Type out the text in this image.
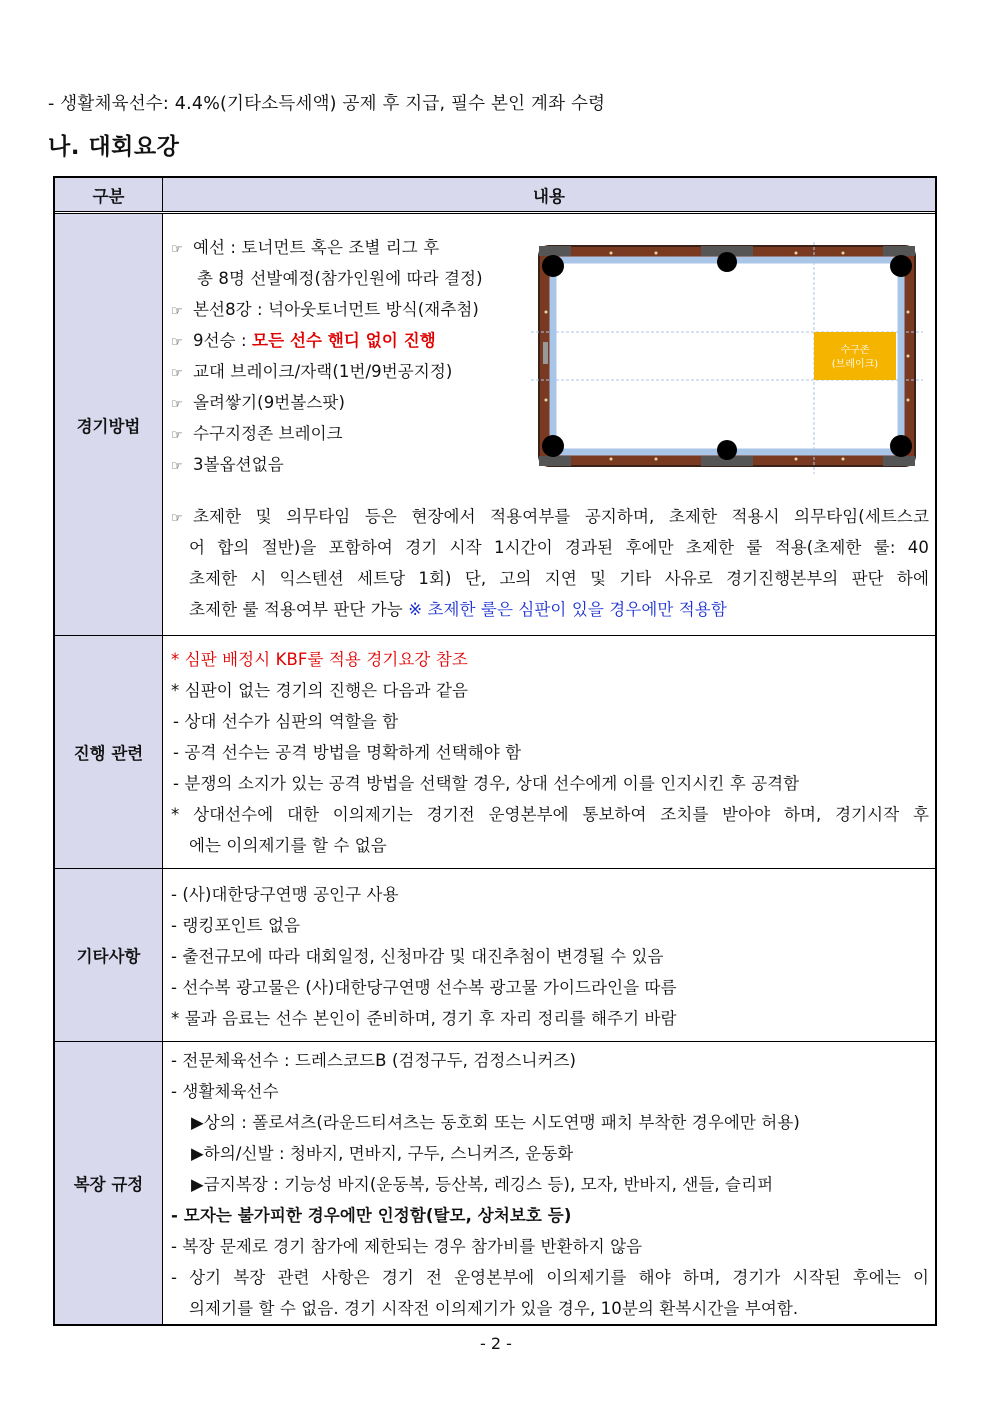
- 생활체육선수: 4.4%(기타소득세액) 공제 후 지급, 필수 본인 계좌 수령
나. 대회요강
구분	내용
경기방법
☞ 예선 : 토너먼트 혹은 조별 리그 후
총 8명 선발예정(참가인원에 따라 결정)
☞ 본선8강 : 넉아웃토너먼트 방식(재추첨)
☞ 9선승 : 모든 선수 핸디 없이 진행
☞ 교대 브레이크/자랙(1번/9번공지정)
☞ 올려쌓기(9번볼스팟)
☞ 수구지정존 브레이크
☞ 3볼옵션없음
수구존
(브레이크)
☞ 초제한 및 의무타임 등은 현장에서 적용여부를 공지하며, 초제한 적용시 의무타임(세트스코
어 합의 절반)을 포함하여 경기 시작 1시간이 경과된 후에만 초제한 룰 적용(초제한 룰: 40
초제한 시 익스텐션 세트당 1회) 단, 고의 지연 및 기타 사유로 경기진행본부의 판단 하에
초제한 룰 적용여부 판단 가능 ※ 초제한 룰은 심판이 있을 경우에만 적용함
진행 관련
* 심판 배정시 KBF룰 적용 경기요강 참조
* 심판이 없는 경기의 진행은 다음과 같음
- 상대 선수가 심판의 역할을 함
- 공격 선수는 공격 방법을 명확하게 선택해야 함
- 분쟁의 소지가 있는 공격 방법을 선택할 경우, 상대 선수에게 이를 인지시킨 후 공격함
* 상대선수에 대한 이의제기는 경기전 운영본부에 통보하여 조치를 받아야 하며, 경기시작 후
에는 이의제기를 할 수 없음
기타사항
- (사)대한당구연맹 공인구 사용
- 랭킹포인트 없음
- 출전규모에 따라 대회일정, 신청마감 및 대진추첨이 변경될 수 있음
- 선수복 광고물은 (사)대한당구연맹 선수복 광고물 가이드라인을 따름
* 물과 음료는 선수 본인이 준비하며, 경기 후 자리 정리를 해주기 바람
복장 규정
- 전문체육선수 : 드레스코드B (검정구두, 검정스니커즈)
- 생활체육선수
▶상의 : 폴로셔츠(라운드티셔츠는 동호회 또는 시도연맹 패치 부착한 경우에만 허용)
▶하의/신발 : 청바지, 면바지, 구두, 스니커즈, 운동화
▶금지복장 : 기능성 바지(운동복, 등산복, 레깅스 등), 모자, 반바지, 샌들, 슬리퍼
- 모자는 불가피한 경우에만 인정함(탈모, 상처보호 등)
- 복장 문제로 경기 참가에 제한되는 경우 참가비를 반환하지 않음
- 상기 복장 관련 사항은 경기 전 운영본부에 이의제기를 해야 하며, 경기가 시작된 후에는 이
의제기를 할 수 없음. 경기 시작전 이의제기가 있을 경우, 10분의 환복시간을 부여함.
- 2 -
